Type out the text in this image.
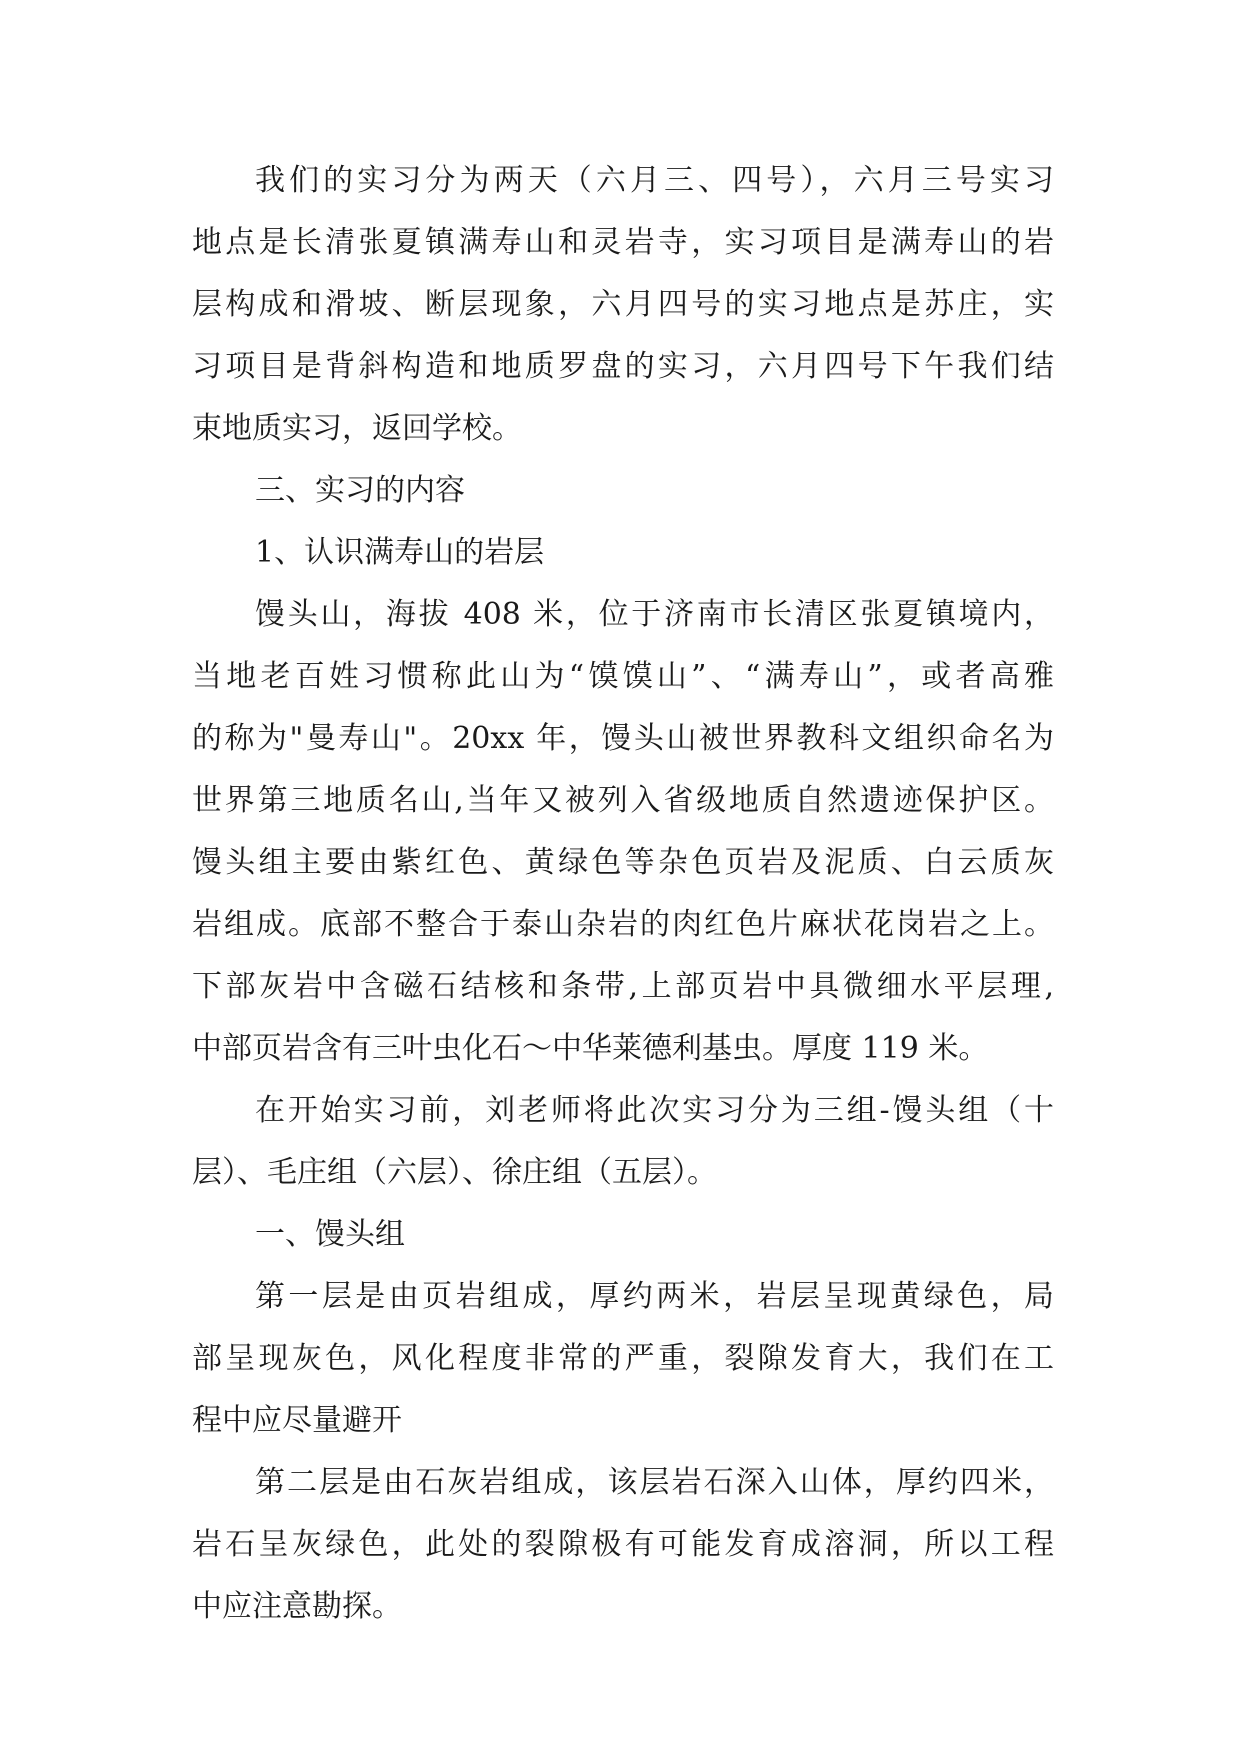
我们的实习分为两天（六月三、四号），六月三号实习
地点是长清张夏镇满寿山和灵岩寺，实习项目是满寿山的岩
层构成和滑坡、断层现象，六月四号的实习地点是苏庄，实
习项目是背斜构造和地质罗盘的实习，六月四号下午我们结
束地质实习，返回学校。
三、实习的内容
1、认识满寿山的岩层
馒头山，海拔 408 米，位于济南市长清区张夏镇境内，
当地老百姓习惯称此山为“馍馍山”、“满寿山”，或者高雅
的称为"曼寿山"。20xx 年，馒头山被世界教科文组织命名为
世界第三地质名山,当年又被列入省级地质自然遗迹保护区。
馒头组主要由紫红色、黄绿色等杂色页岩及泥质、白云质灰
岩组成。底部不整合于泰山杂岩的肉红色片麻状花岗岩之上。
下部灰岩中含磁石结核和条带,上部页岩中具微细水平层理,
中部页岩含有三叶虫化石～中华莱德利基虫。厚度 119 米。
在开始实习前，刘老师将此次实习分为三组-馒头组（十
层）、毛庄组（六层）、徐庄组（五层）。
一、馒头组
第一层是由页岩组成，厚约两米，岩层呈现黄绿色，局
部呈现灰色，风化程度非常的严重，裂隙发育大，我们在工
程中应尽量避开
第二层是由石灰岩组成，该层岩石深入山体，厚约四米，
岩石呈灰绿色，此处的裂隙极有可能发育成溶洞，所以工程
中应注意勘探。
